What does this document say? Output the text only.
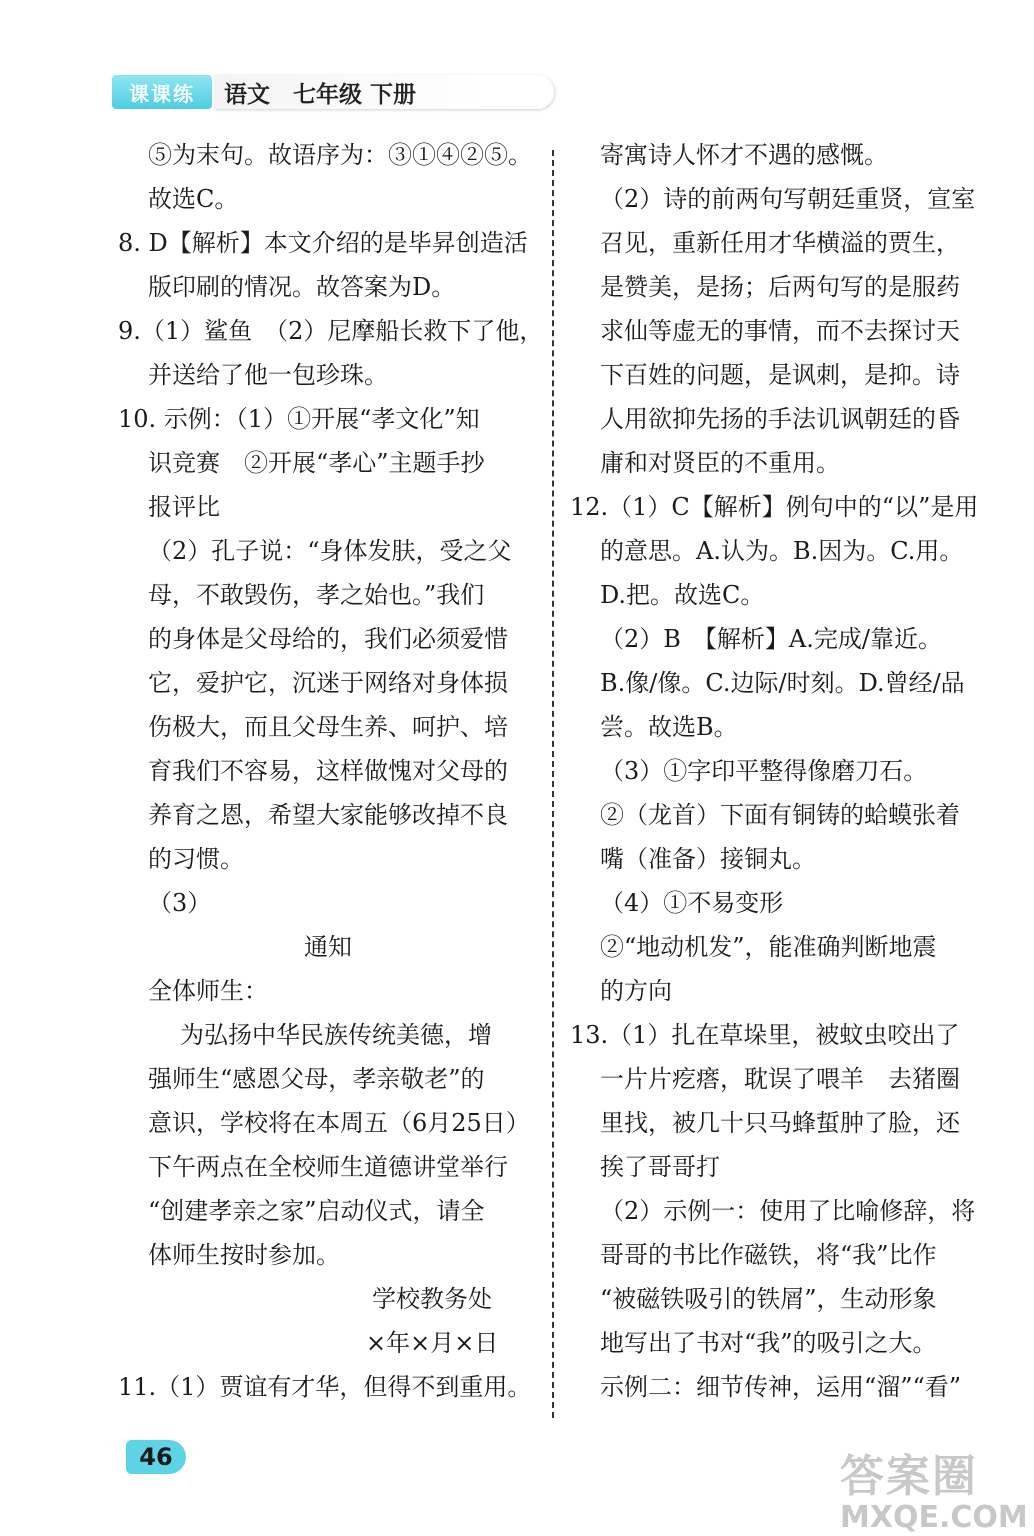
课课练	语文　七年级 下册
⑤为末句。故语序为：③①④②⑤。
故选C。
8. D【解析】本文介绍的是毕昇创造活
版印刷的情况。故答案为D。
9.（1）鲨鱼　（2）尼摩船长救下了他，
并送给了他一包珍珠。
10. 示例：（1）①开展“孝文化”知
识竞赛　②开展“孝心”主题手抄
报评比
（2）孔子说：“身体发肤，受之父
母，不敢毁伤，孝之始也。”我们
的身体是父母给的，我们必须爱惜
它，爱护它，沉迷于网络对身体损
伤极大，而且父母生养、呵护、培
育我们不容易，这样做愧对父母的
养育之恩，希望大家能够改掉不良
的习惯。
（3）
通知
全体师生：
为弘扬中华民族传统美德，增
强师生“感恩父母，孝亲敬老”的
意识，学校将在本周五（6月25日）
下午两点在全校师生道德讲堂举行
“创建孝亲之家”启动仪式，请全
体师生按时参加。
学校教务处
×年×月×日
11.（1）贾谊有才华，但得不到重用。
寄寓诗人怀才不遇的感慨。
（2）诗的前两句写朝廷重贤，宣室
召见，重新任用才华横溢的贾生，
是赞美，是扬；后两句写的是服药
求仙等虚无的事情，而不去探讨天
下百姓的问题，是讽刺，是抑。诗
人用欲抑先扬的手法讥讽朝廷的昏
庸和对贤臣的不重用。
12.（1）C【解析】例句中的“以”是用
的意思。A.认为。B.因为。C.用。
D.把。故选C。
（2）B　【解析】A.完成/靠近。
B.像/像。C.边际/时刻。D.曾经/品
尝。故选B。
（3）①字印平整得像磨刀石。
②（龙首）下面有铜铸的蛤蟆张着
嘴（准备）接铜丸。
（4）①不易变形
②“地动机发”，能准确判断地震
的方向
13.（1）扎在草垛里，被蚊虫咬出了
一片片疙瘩，耽误了喂羊　去猪圈
里找，被几十只马蜂蜇肿了脸，还
挨了哥哥打
（2）示例一：使用了比喻修辞，将
哥哥的书比作磁铁，将“我”比作
“被磁铁吸引的铁屑”，生动形象
地写出了书对“我”的吸引之大。
示例二：细节传神，运用“溜”“看”
46	答案圈
MXQE.COM
